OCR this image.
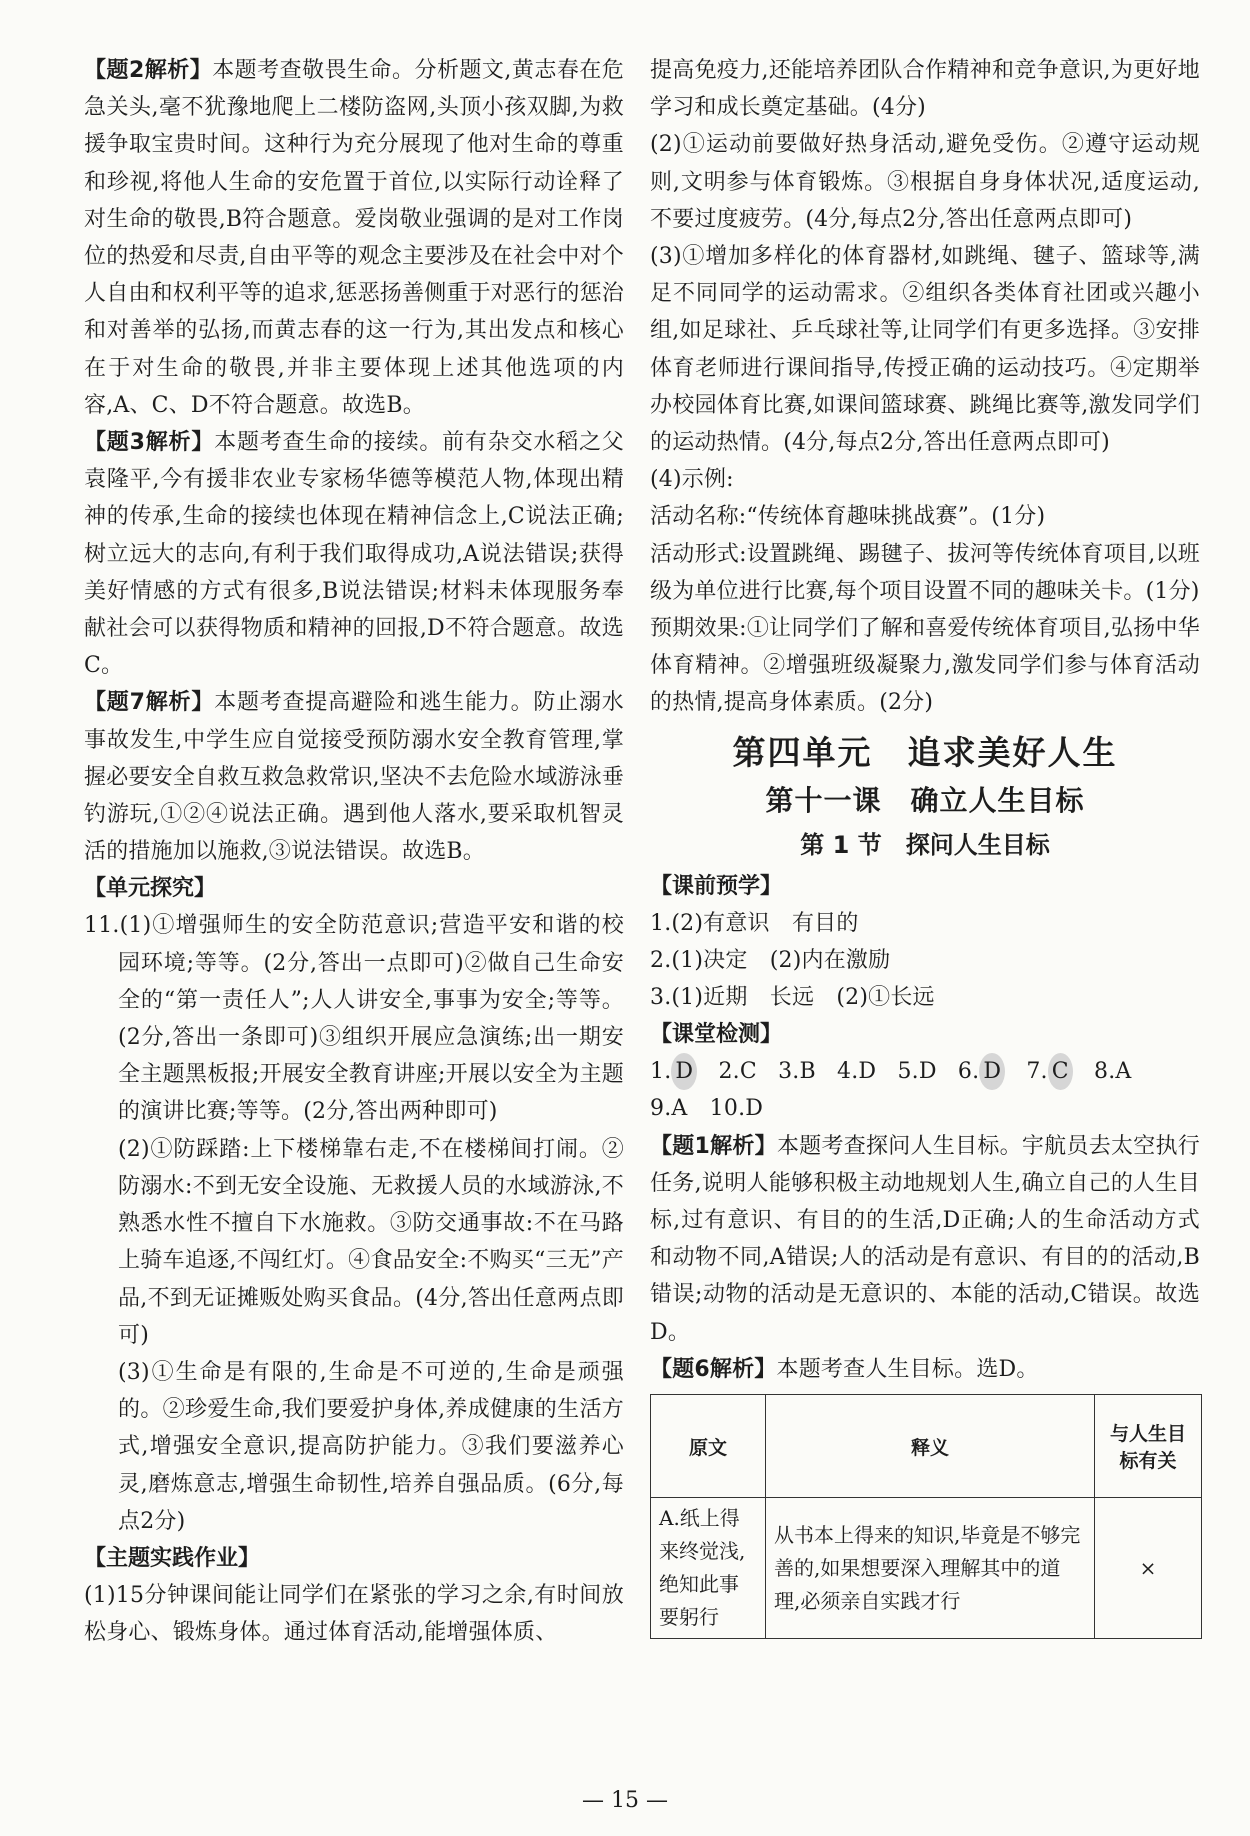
【题2解析】本题考查敬畏生命。分析题文,黄志春在危急关头,毫不犹豫地爬上二楼防盗网,头顶小孩双脚,为救援争取宝贵时间。这种行为充分展现了他对生命的尊重和珍视,将他人生命的安危置于首位,以实际行动诠释了对生命的敬畏,B符合题意。爱岗敬业强调的是对工作岗位的热爱和尽责,自由平等的观念主要涉及在社会中对个人自由和权利平等的追求,惩恶扬善侧重于对恶行的惩治和对善举的弘扬,而黄志春的这一行为,其出发点和核心在于对生命的敬畏,并非主要体现上述其他选项的内容,A、C、D不符合题意。故选B。

【题3解析】本题考查生命的接续。前有杂交水稻之父袁隆平,今有援非农业专家杨华德等模范人物,体现出精神的传承,生命的接续也体现在精神信念上,C说法正确;树立远大的志向,有利于我们取得成功,A说法错误;获得美好情感的方式有很多,B说法错误;材料未体现服务奉献社会可以获得物质和精神的回报,D不符合题意。故选C。

【题7解析】本题考查提高避险和逃生能力。防止溺水事故发生,中学生应自觉接受预防溺水安全教育管理,掌握必要安全自救互救急救常识,坚决不去危险水域游泳垂钓游玩,①②④说法正确。遇到他人落水,要采取机智灵活的措施加以施救,③说法错误。故选B。

【单元探究】

11.(1)①增强师生的安全防范意识;营造平安和谐的校园环境;等等。(2分,答出一点即可)②做自己生命安全的“第一责任人”;人人讲安全,事事为安全;等等。(2分,答出一条即可)③组织开展应急演练;出一期安全主题黑板报;开展安全教育讲座;开展以安全为主题的演讲比赛;等等。(2分,答出两种即可)

(2)①防踩踏:上下楼梯靠右走,不在楼梯间打闹。②防溺水:不到无安全设施、无救援人员的水域游泳,不熟悉水性不擅自下水施救。③防交通事故:不在马路上骑车追逐,不闯红灯。④食品安全:不购买“三无”产品,不到无证摊贩处购买食品。(4分,答出任意两点即可)

(3)①生命是有限的,生命是不可逆的,生命是顽强的。②珍爱生命,我们要爱护身体,养成健康的生活方式,增强安全意识,提高防护能力。③我们要滋养心灵,磨炼意志,增强生命韧性,培养自强品质。(6分,每点2分)

【主题实践作业】

(1)15分钟课间能让同学们在紧张的学习之余,有时间放松身心、锻炼身体。通过体育活动,能增强体质、

提高免疫力,还能培养团队合作精神和竞争意识,为更好地学习和成长奠定基础。(4分)

(2)①运动前要做好热身活动,避免受伤。②遵守运动规则,文明参与体育锻炼。③根据自身身体状况,适度运动,不要过度疲劳。(4分,每点2分,答出任意两点即可)

(3)①增加多样化的体育器材,如跳绳、毽子、篮球等,满足不同同学的运动需求。②组织各类体育社团或兴趣小组,如足球社、乒乓球社等,让同学们有更多选择。③安排体育老师进行课间指导,传授正确的运动技巧。④定期举办校园体育比赛,如课间篮球赛、跳绳比赛等,激发同学们的运动热情。(4分,每点2分,答出任意两点即可)

(4)示例:

活动名称:“传统体育趣味挑战赛”。(1分)

活动形式:设置跳绳、踢毽子、拔河等传统体育项目,以班级为单位进行比赛,每个项目设置不同的趣味关卡。(1分)

预期效果:①让同学们了解和喜爱传统体育项目,弘扬中华体育精神。②增强班级凝聚力,激发同学们参与体育活动的热情,提高身体素质。(2分)

第四单元　追求美好人生
第十一课　确立人生目标
第 1 节　探问人生目标
【课前预学】

1.(2)有意识　有目的

2.(1)决定　(2)内在激励

3.(1)近期　长远　(2)①长远

【课堂检测】

1. D 2.C 3.B 4.D 5.D 6. D 7. C 8.A

9.A　10.D

【题1解析】本题考查探问人生目标。宇航员去太空执行任务,说明人能够积极主动地规划人生,确立自己的人生目标,过有意识、有目的的生活,D正确;人的生命活动方式和动物不同,A错误;人的活动是有意识、有目的的活动,B错误;动物的活动是无意识的、本能的活动,C错误。故选D。

【题6解析】本题考查人生目标。选D。

原文	释义	与人生目标有关
A.纸上得来终觉浅,绝知此事要躬行	从书本上得来的知识,毕竟是不够完善的,如果想要深入理解其中的道理,必须亲自实践才行	×
— 15 —
